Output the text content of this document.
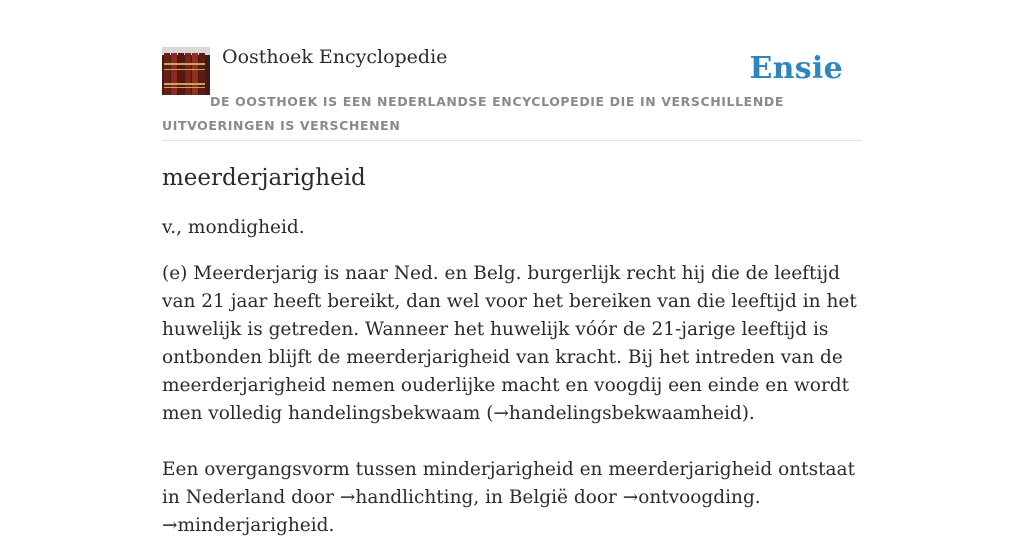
Oosthoek Encyclopedie	Ensie

DE OOSTHOEK IS EEN NEDERLANDSE ENCYCLOPEDIE DIE IN VERSCHILLENDE UITVOERINGEN IS VERSCHENEN

meerderjarigheid

v., mondigheid.

(e) Meerderjarig is naar Ned. en Belg. burgerlijk recht hij die de leeftijd van 21 jaar heeft bereikt, dan wel voor het bereiken van die leeftijd in het huwelijk is getreden. Wanneer het huwelijk vóór de 21-jarige leeftijd is ontbonden blijft de meerderjarigheid van kracht. Bij het intreden van de meerderjarigheid nemen ouderlijke macht en voogdij een einde en wordt men volledig handelingsbekwaam (→handelingsbekwaamheid).

Een overgangsvorm tussen minderjarigheid en meerderjarigheid ontstaat in Nederland door →handlichting, in België door →ontvoogding. →minderjarigheid.
